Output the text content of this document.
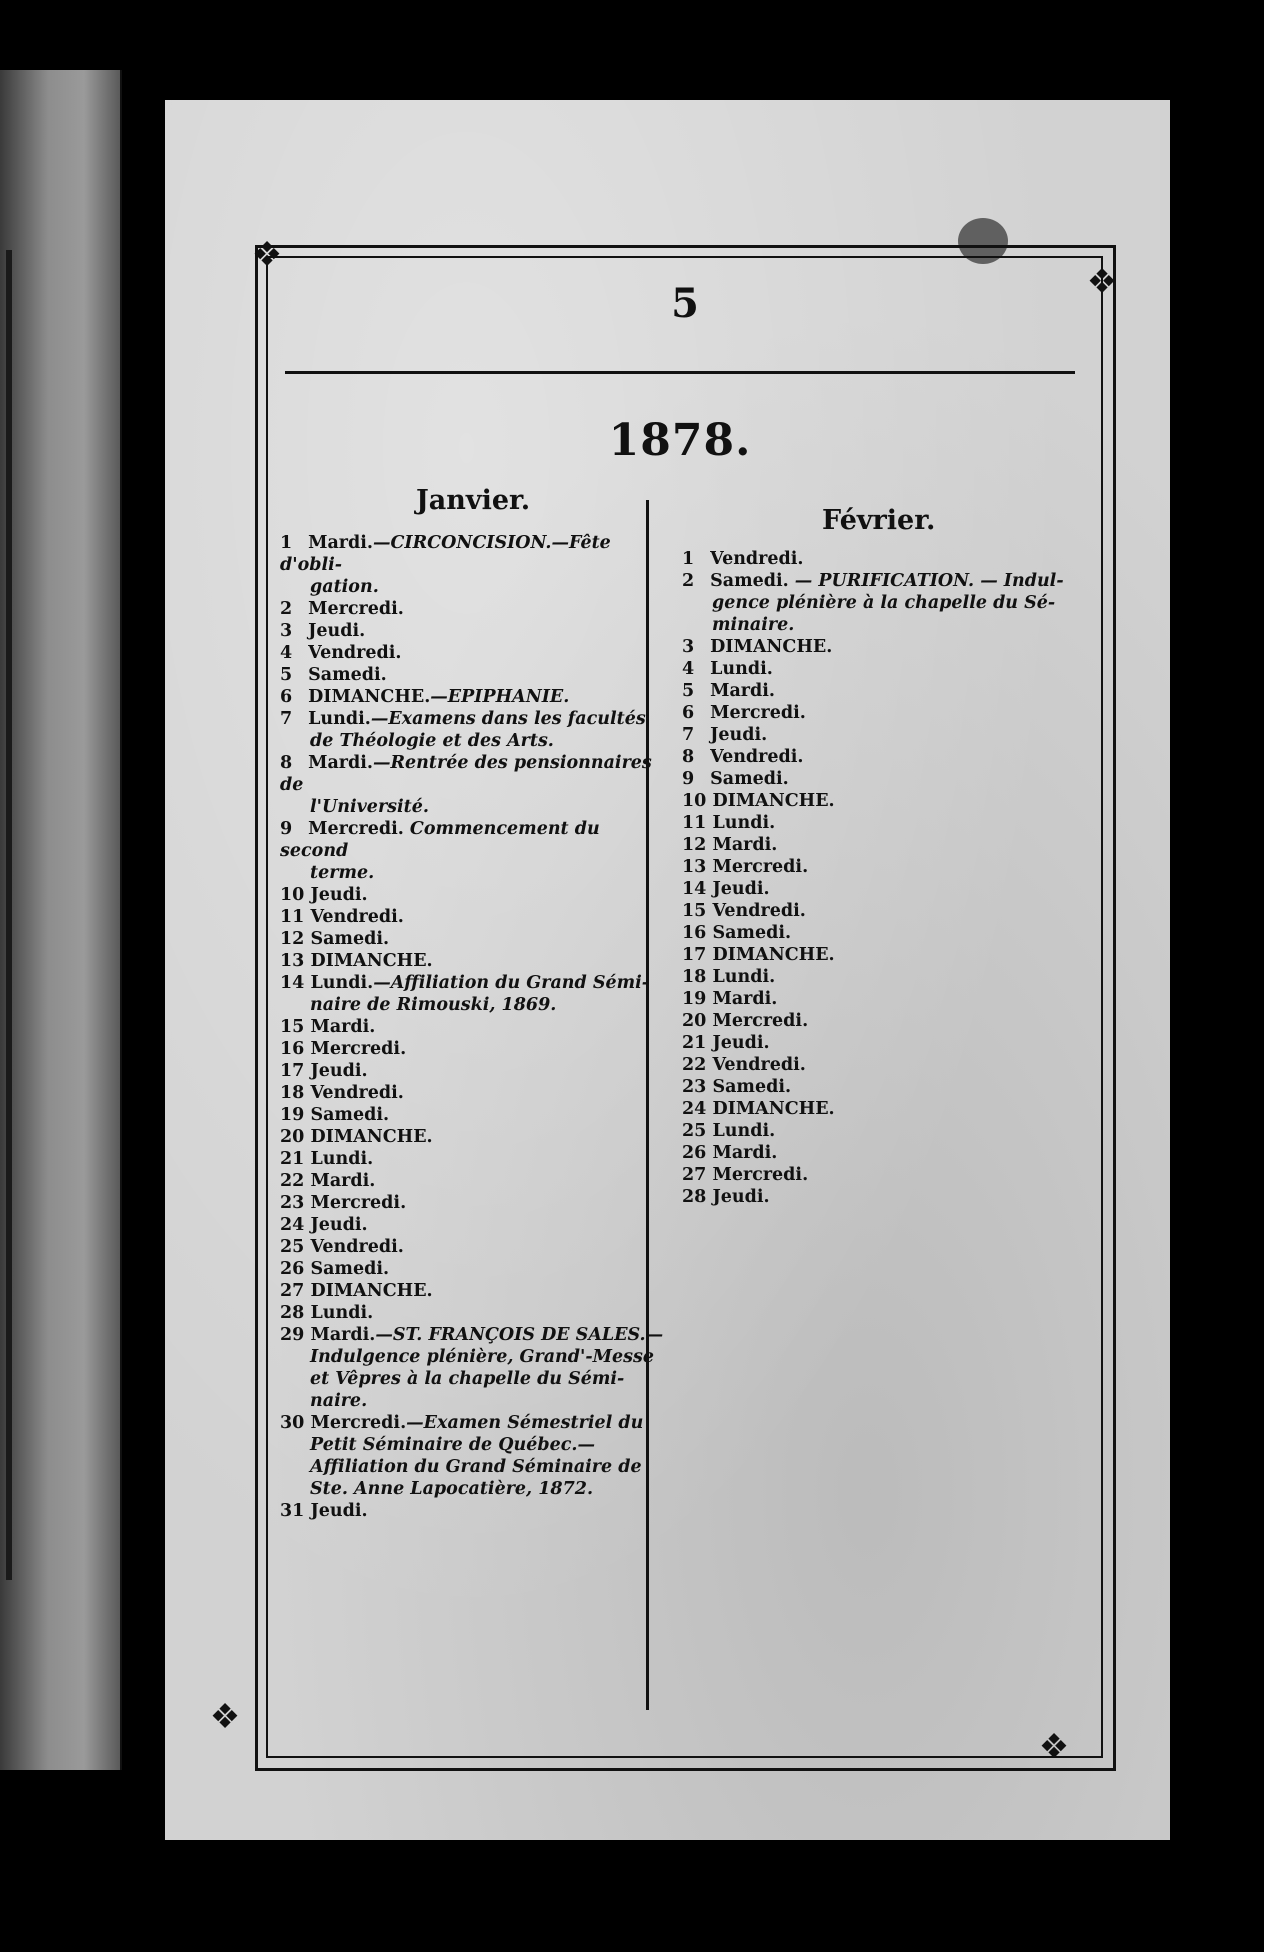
❖
❖
❖
❖
5
1878.
Janvier.
Février.
1 Mardi.—CIRCONCISION.—Fête d'obli-
gation.
2 Mercredi.
3 Jeudi.
4 Vendredi.
5 Samedi.
6 DIMANCHE.—EPIPHANIE.
7 Lundi.—Examens dans les facultés
de Théologie et des Arts.
8 Mardi.—Rentrée des pensionnaires de
l'Université.
9 Mercredi. Commencement du second
terme.
10 Jeudi.
11 Vendredi.
12 Samedi.
13 DIMANCHE.
14 Lundi.—Affiliation du Grand Sémi-
naire de Rimouski, 1869.
15 Mardi.
16 Mercredi.
17 Jeudi.
18 Vendredi.
19 Samedi.
20 DIMANCHE.
21 Lundi.
22 Mardi.
23 Mercredi.
24 Jeudi.
25 Vendredi.
26 Samedi.
27 DIMANCHE.
28 Lundi.
29 Mardi.—ST. FRANÇOIS DE SALES.—
Indulgence plénière, Grand'-Messe et Vêpres à la chapelle du Sémi-naire.
30 Mercredi.—Examen Sémestriel du
Petit Séminaire de Québec.—Affiliation du Grand Séminaire de Ste. Anne Lapocatière, 1872.
31 Jeudi.
1 Vendredi.
2 Samedi. — PURIFICATION. — Indul-
gence plénière à la chapelle du Sé-minaire.
3 DIMANCHE.
4 Lundi.
5 Mardi.
6 Mercredi.
7 Jeudi.
8 Vendredi.
9 Samedi.
10 DIMANCHE.
11 Lundi.
12 Mardi.
13 Mercredi.
14 Jeudi.
15 Vendredi.
16 Samedi.
17 DIMANCHE.
18 Lundi.
19 Mardi.
20 Mercredi.
21 Jeudi.
22 Vendredi.
23 Samedi.
24 DIMANCHE.
25 Lundi.
26 Mardi.
27 Mercredi.
28 Jeudi.
